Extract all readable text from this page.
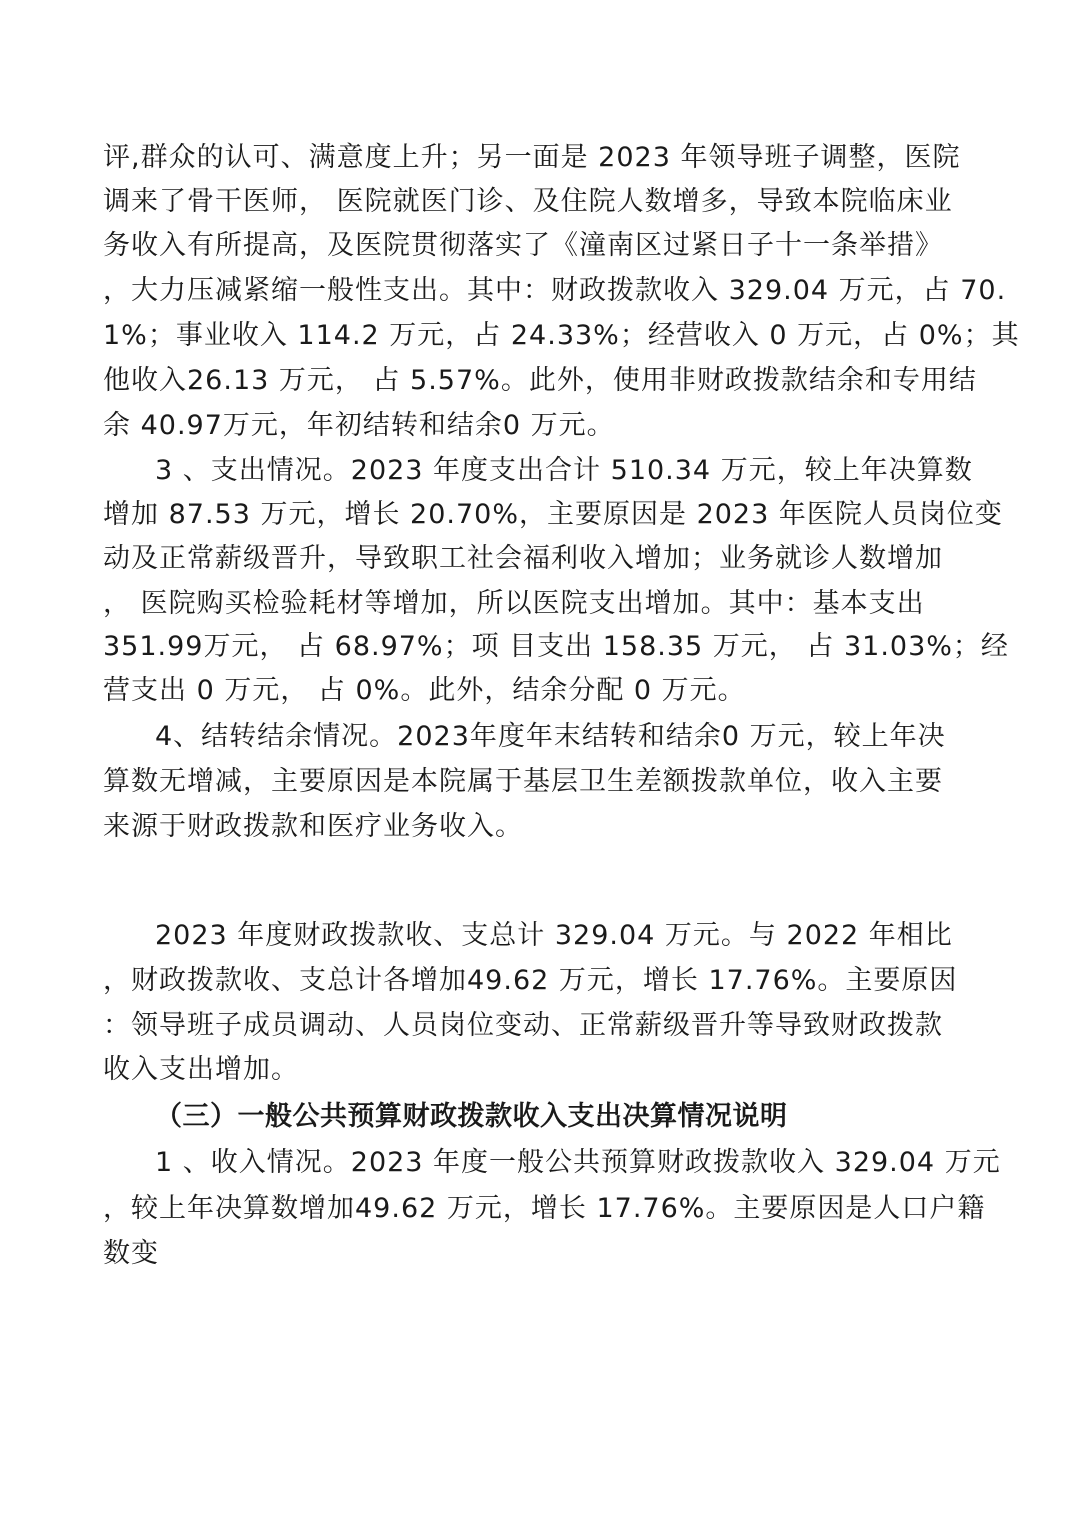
评,群众的认可、满意度上升；另一面是 2023 年领导班子调整，医院
调来了骨干医师， 医院就医门诊、及住院人数增多，导致本院临床业
务收入有所提高，及医院贯彻落实了《潼南区过紧日子十一条举措》
，大力压减紧缩一般性支出。其中：财政拨款收入 329.04 万元，占 70.
1%；事业收入 114.2 万元，占 24.33%；经营收入 0 万元，占 0%；其
他收入26.13 万元， 占 5.57%。此外，使用非财政拨款结余和专用结
余 40.97万元，年初结转和结余0 万元。
3 、支出情况。2023 年度支出合计 510.34 万元，较上年决算数
增加 87.53 万元，增长 20.70%，主要原因是 2023 年医院人员岗位变
动及正常薪级晋升，导致职工社会福利收入增加；业务就诊人数增加
， 医院购买检验耗材等增加，所以医院支出增加。其中：基本支出
351.99万元， 占 68.97%；项 目支出 158.35 万元， 占 31.03%；经
营支出 0 万元， 占 0%。此外，结余分配 0 万元。
4、结转结余情况。2023年度年末结转和结余0 万元，较上年决
算数无增减，主要原因是本院属于基层卫生差额拨款单位，收入主要
来源于财政拨款和医疗业务收入。
2023 年度财政拨款收、支总计 329.04 万元。与 2022 年相比
，财政拨款收、支总计各增加49.62 万元，增长 17.76%。主要原因
：领导班子成员调动、人员岗位变动、正常薪级晋升等导致财政拨款
收入支出增加。
（三）一般公共预算财政拨款收入支出决算情况说明
1 、收入情况。2023 年度一般公共预算财政拨款收入 329.04 万元
，较上年决算数增加49.62 万元，增长 17.76%。主要原因是人口户籍
数变
